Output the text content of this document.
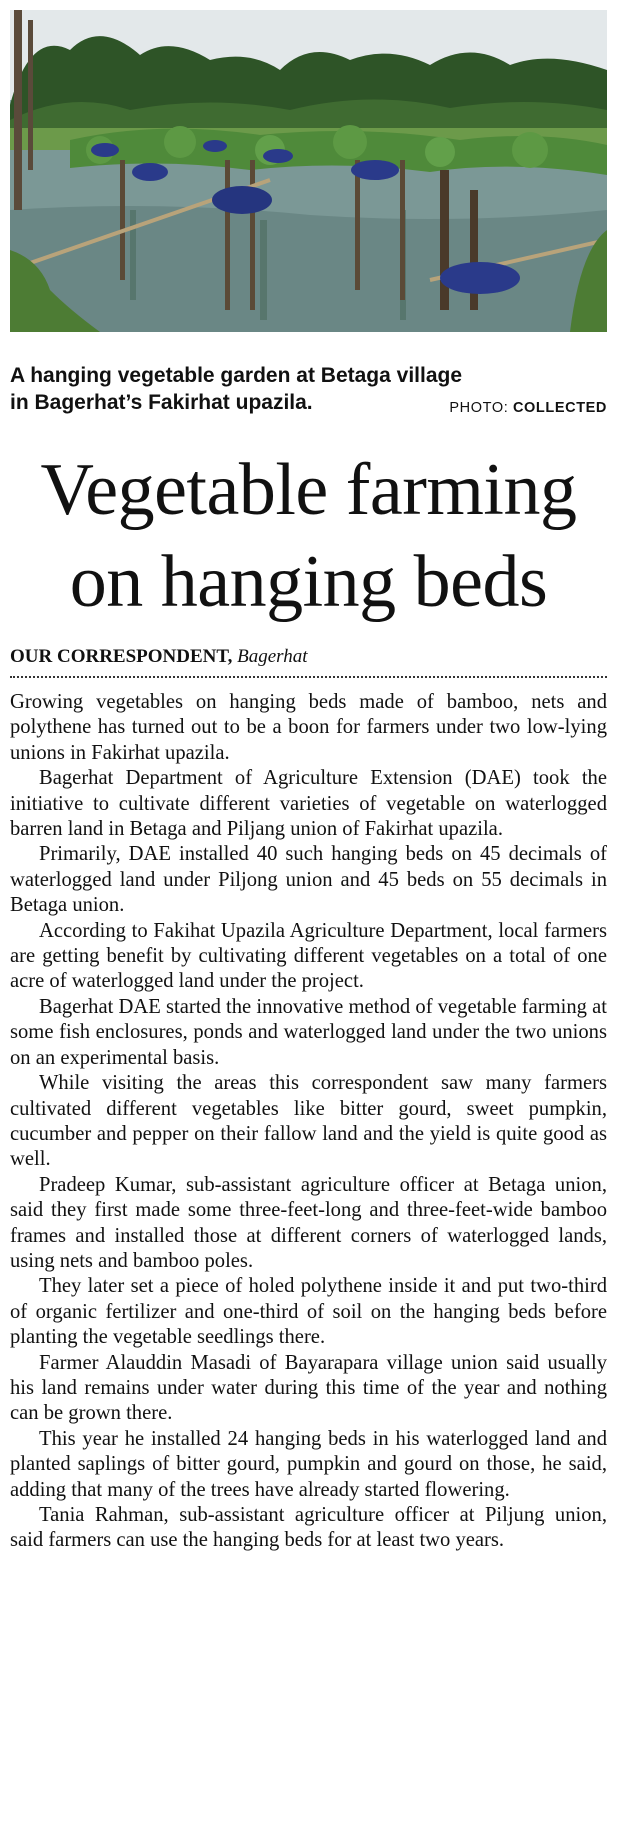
A hanging vegetable garden at Betaga village in Bagerhat’s Fakirhat upazila.	PHOTO: COLLECTED
Vegetable farming on hanging beds
OUR CORRESPONDENT, Bagerhat

Growing vegetables on hanging beds made of bamboo, nets and polythene has turned out to be a boon for farmers under two low-lying unions in Fakirhat upazila.

Bagerhat Department of Agriculture Extension (DAE) took the initiative to cultivate different varieties of vegetable on waterlogged barren land in Betaga and Piljang union of Fakirhat upazila.

Primarily, DAE installed 40 such hanging beds on 45 decimals of waterlogged land under Piljong union and 45 beds on 55 decimals in Betaga union.

According to Fakihat Upazila Agriculture Department, local farmers are getting benefit by cultivating different vegetables on a total of one acre of waterlogged land under the project.

Bagerhat DAE started the innovative method of vegetable farming at some fish enclosures, ponds and waterlogged land under the two unions on an experimental basis.

While visiting the areas this correspondent saw many farmers cultivated different vegetables like bitter gourd, sweet pumpkin, cucumber and pepper on their fallow land and the yield is quite good as well.

Pradeep Kumar, sub-assistant agriculture officer at Betaga union, said they first made some three-feet-long and three-feet-wide bamboo frames and installed those at different corners of waterlogged lands, using nets and bamboo poles.

They later set a piece of holed polythene inside it and put two-third of organic fertilizer and one-third of soil on the hanging beds before planting the vegetable seedlings there.

Farmer Alauddin Masadi of Bayarapara village union said usually his land remains under water during this time of the year and nothing can be grown there.

This year he installed 24 hanging beds in his waterlogged land and planted saplings of bitter gourd, pumpkin and gourd on those, he said, adding that many of the trees have already started flowering.

Tania Rahman, sub-assistant agriculture officer at Piljung union, said farmers can use the hanging beds for at least two years.
